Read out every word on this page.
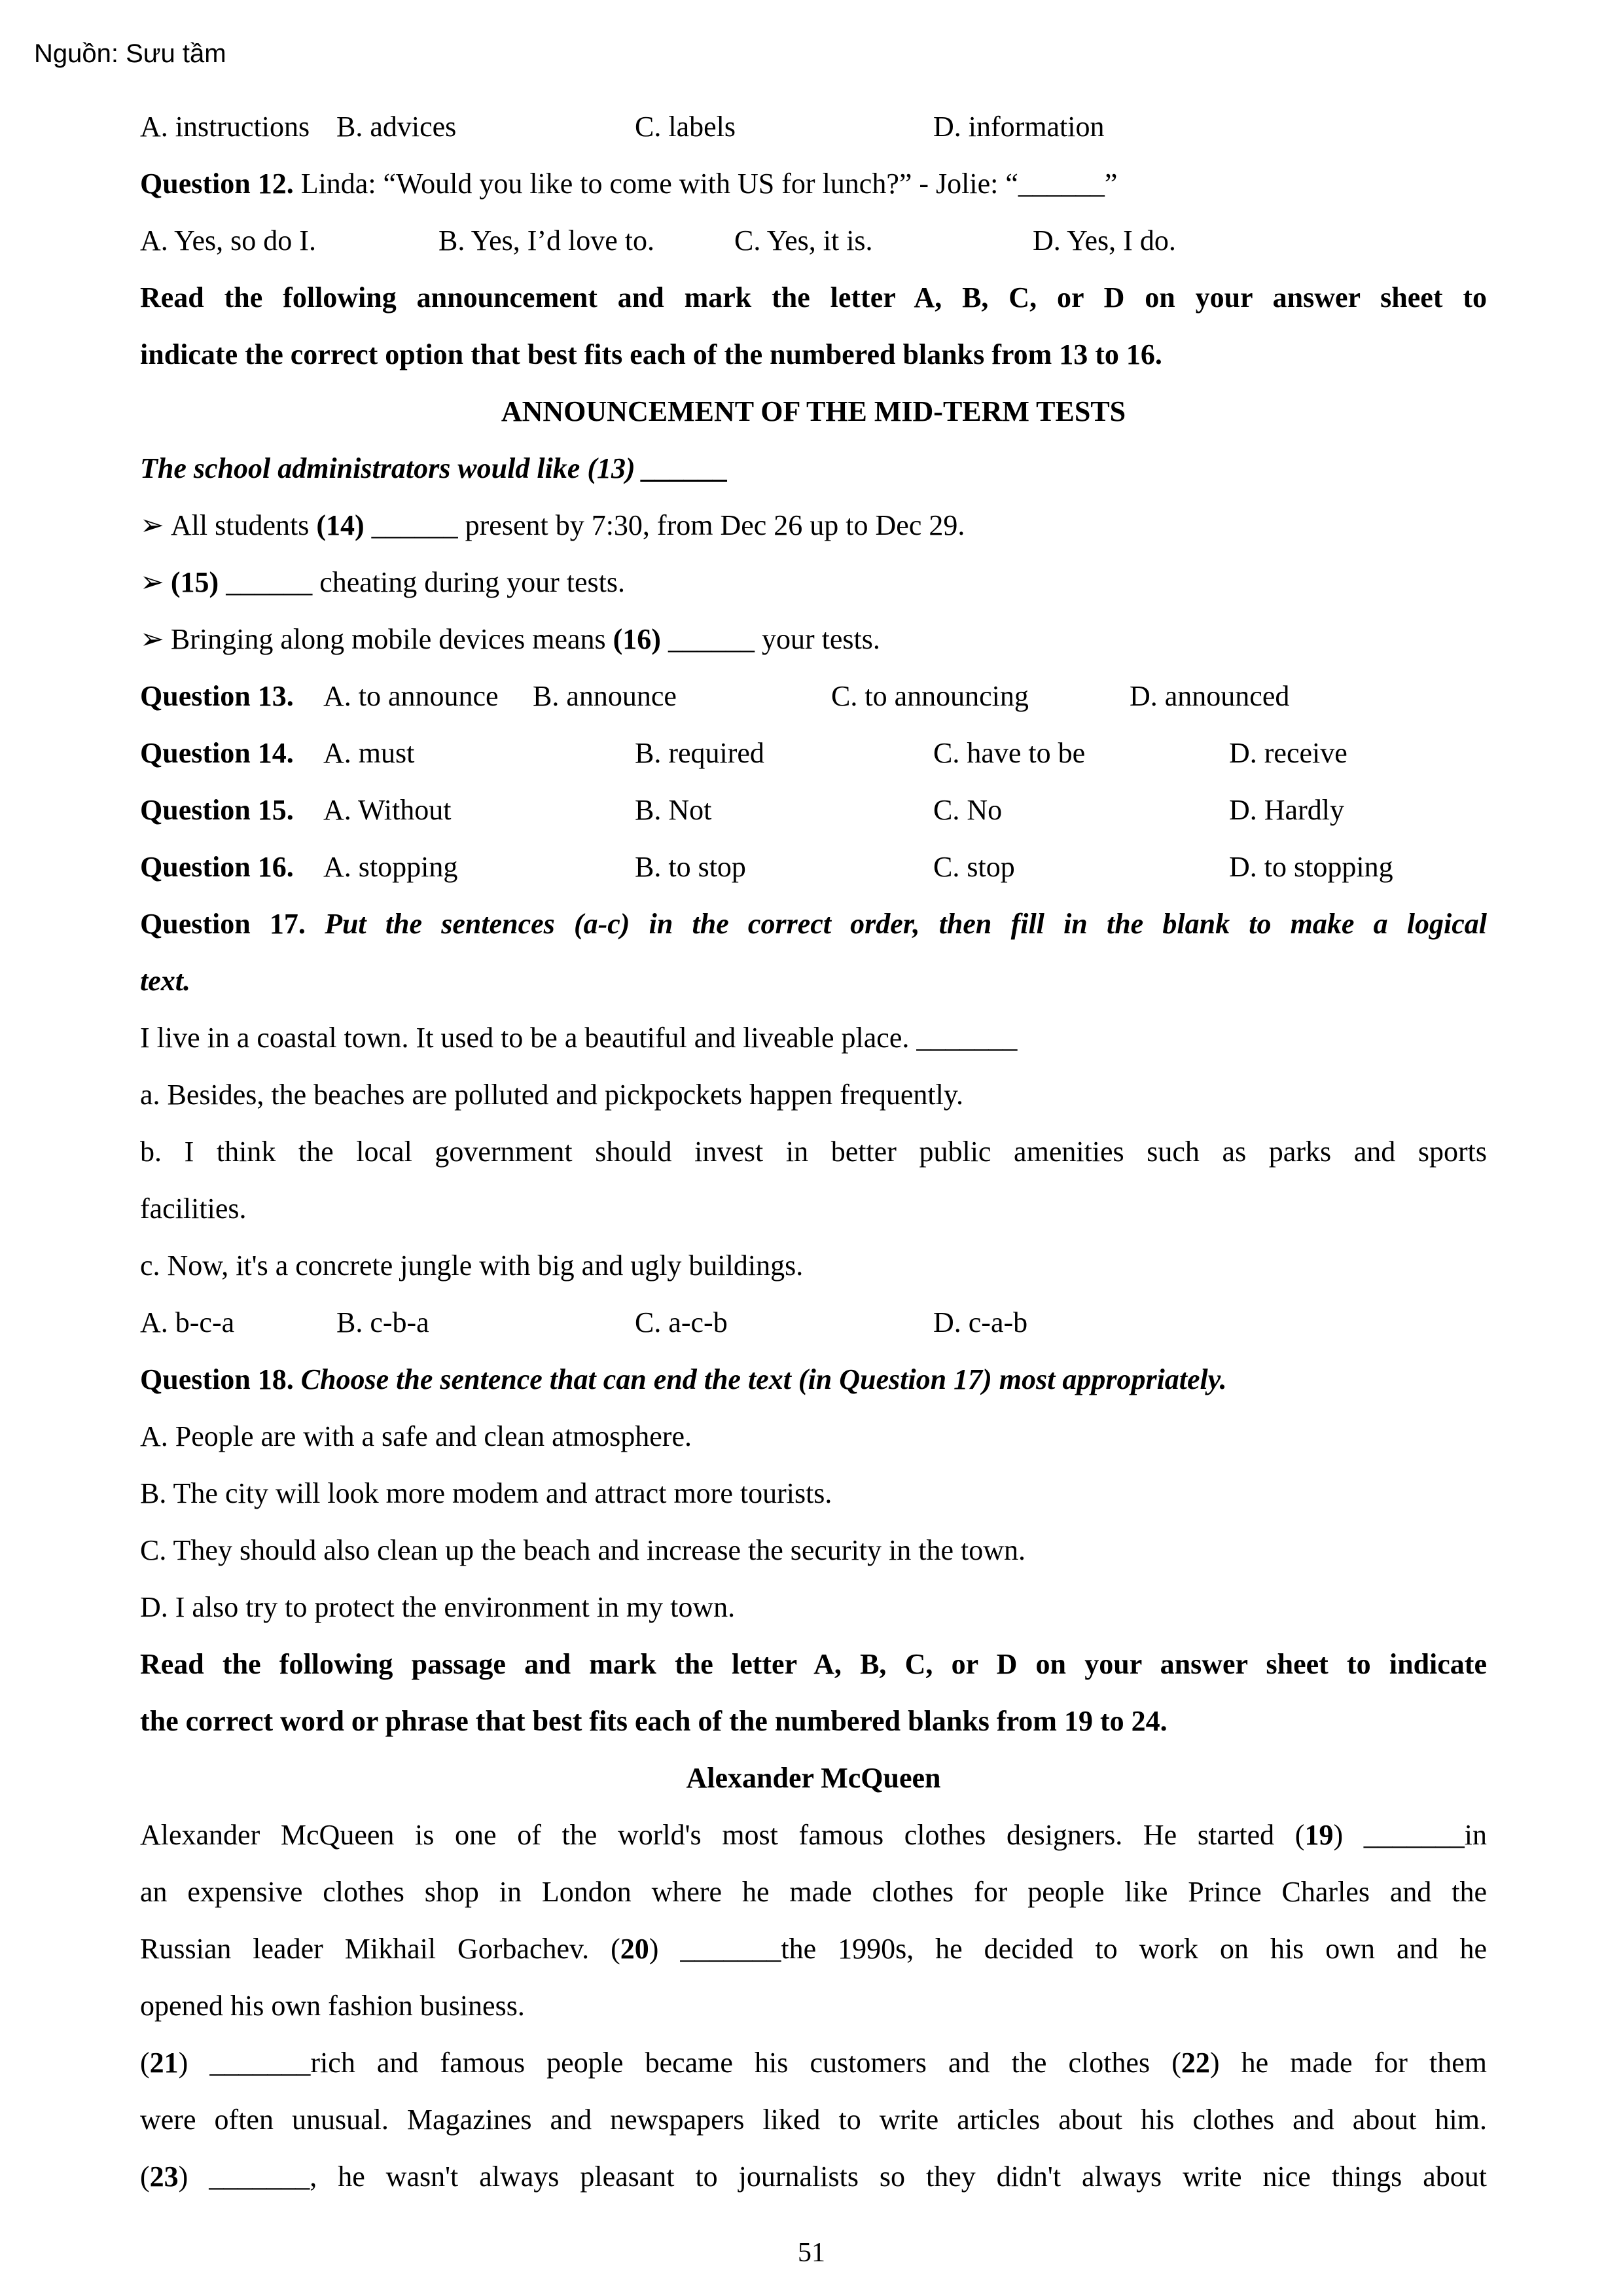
Nguồn: Sưu tầm
A. instructions B. advices	C. labels	D. information
Question 12. Linda: “Would you like to come with US for lunch?” - Jolie: “______”
A. Yes, so do I.	B. Yes, I’d love to.	C. Yes, it is.	D. Yes, I do.
Read the following announcement and mark the letter A, B, C, or D on your answer sheet to
indicate the correct option that best fits each of the numbered blanks from 13 to 16.
ANNOUNCEMENT OF THE MID-TERM TESTS
The school administrators would like (13) ______
➢ All students (14) ______ present by 7:30, from Dec 26 up to Dec 29.
➢ (15) ______ cheating during your tests.
➢ Bringing along mobile devices means (16) ______ your tests.
Question 13.	A. to announce	B. announce	C. to announcing	D. announced
Question 14.	A. must	B. required	C. have to be	D. receive
Question 15.	A. Without	B. Not	C. No	D. Hardly
Question 16.	A. stopping	B. to stop	C. stop	D. to stopping
Question 17. Put the sentences (a-c) in the correct order, then fill in the blank to make a logical
text.
I live in a coastal town. It used to be a beautiful and liveable place. _______
a. Besides, the beaches are polluted and pickpockets happen frequently.
b. I think the local government should invest in better public amenities such as parks and sports
facilities.
c. Now, it's a concrete jungle with big and ugly buildings.
A. b-c-a	B. c-b-a	C. a-c-b	D. c-a-b
Question 18. Choose the sentence that can end the text (in Question 17) most appropriately.
A. People are with a safe and clean atmosphere.
B. The city will look more modem and attract more tourists.
C. They should also clean up the beach and increase the security in the town.
D. I also try to protect the environment in my town.
Read the following passage and mark the letter A, B, C, or D on your answer sheet to indicate
the correct word or phrase that best fits each of the numbered blanks from 19 to 24.
Alexander McQueen
Alexander McQueen is one of the world's most famous clothes designers. He started (19) _______in
an expensive clothes shop in London where he made clothes for people like Prince Charles and the
Russian leader Mikhail Gorbachev. (20) _______the 1990s, he decided to work on his own and he
opened his own fashion business.
(21) _______rich and famous people became his customers and the clothes (22) he made for them
were often unusual. Magazines and newspapers liked to write articles about his clothes and about him.
(23) _______, he wasn't always pleasant to journalists so they didn't always write nice things about
51
